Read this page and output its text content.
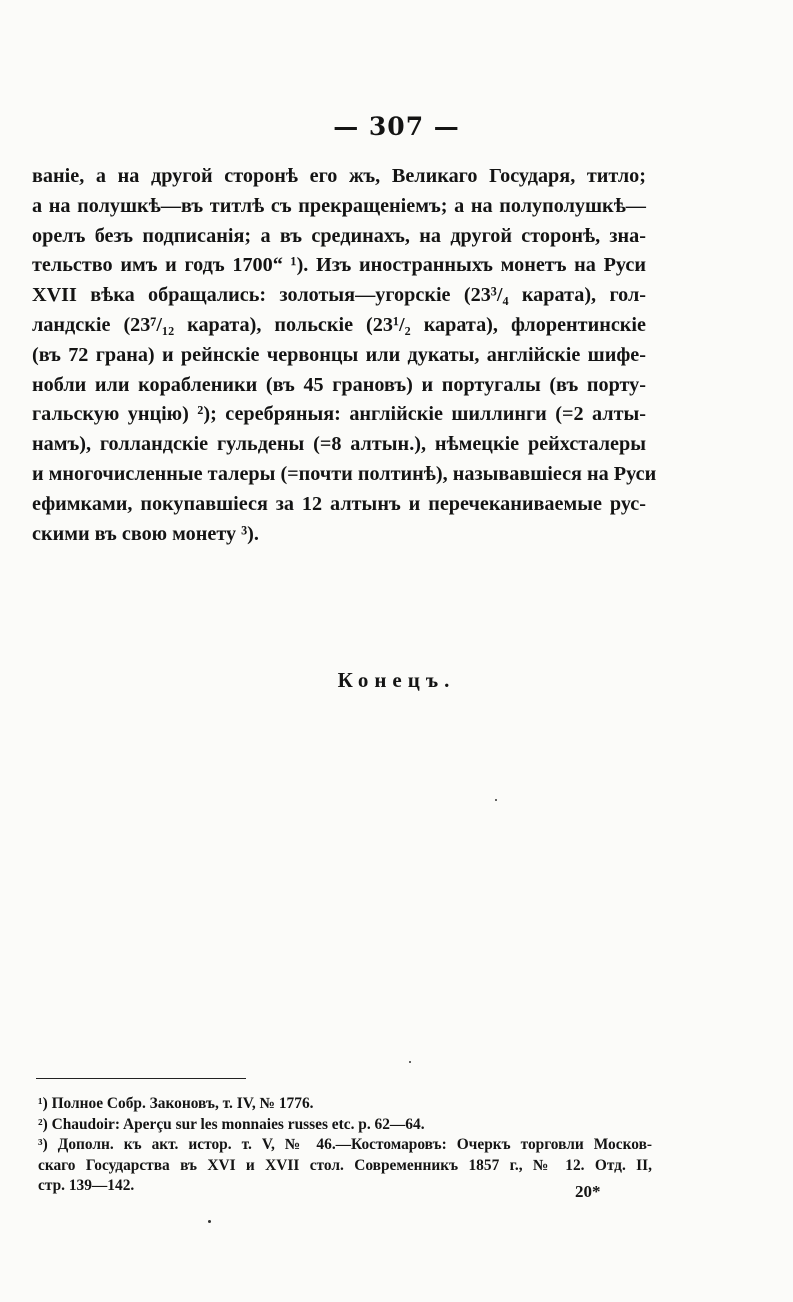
— 307 —
ваніе, а на другой сторонѣ его жъ, Великаго Государя, титло;
а на полушкѣ—въ титлѣ съ прекращеніемъ; а на полуполушкѣ—
орелъ безъ подписанія; а въ срединахъ, на другой сторонѣ, зна-
тельство имъ и годъ 1700“ ¹). Изъ иностранныхъ монетъ на Руси
XVII вѣка обращались: золотыя—угорскіе (23³/₄ карата), гол-
ландскіе (23⁷/₁₂ карата), польскіе (23¹/₂ карата), флорентинскіе
(въ 72 грана) и рейнскіе червонцы или дукаты, англійскіе шифе-
нобли или корабленики (въ 45 грановъ) и португалы (въ порту-
гальскую унцію) ²); серебряныя: англійскіе шиллинги (=2 алты-
намъ), голландскіе гульдены (=8 алтын.), нѣмецкіе рейхсталеры
и многочисленные талеры (=почти полтинѣ), называвшіеся на Руси
ефимками, покупавшіеся за 12 алтынъ и перечеканиваемые рус-
скими въ свою монету ³).
Конецъ.
¹) Полное Собр. Законовъ, т. IV, № 1776.
²) Chaudoir: Aperçu sur les monnaies russes etc. p. 62—64.
³) Дополн. къ акт. истор. т. V, № 46.—Костомаровъ: Очеркъ торговли Москов-
скаго Государства въ XVI и XVII стол. Современникъ 1857 г., № 12. Отд. II,
стр. 139—142.	20*
